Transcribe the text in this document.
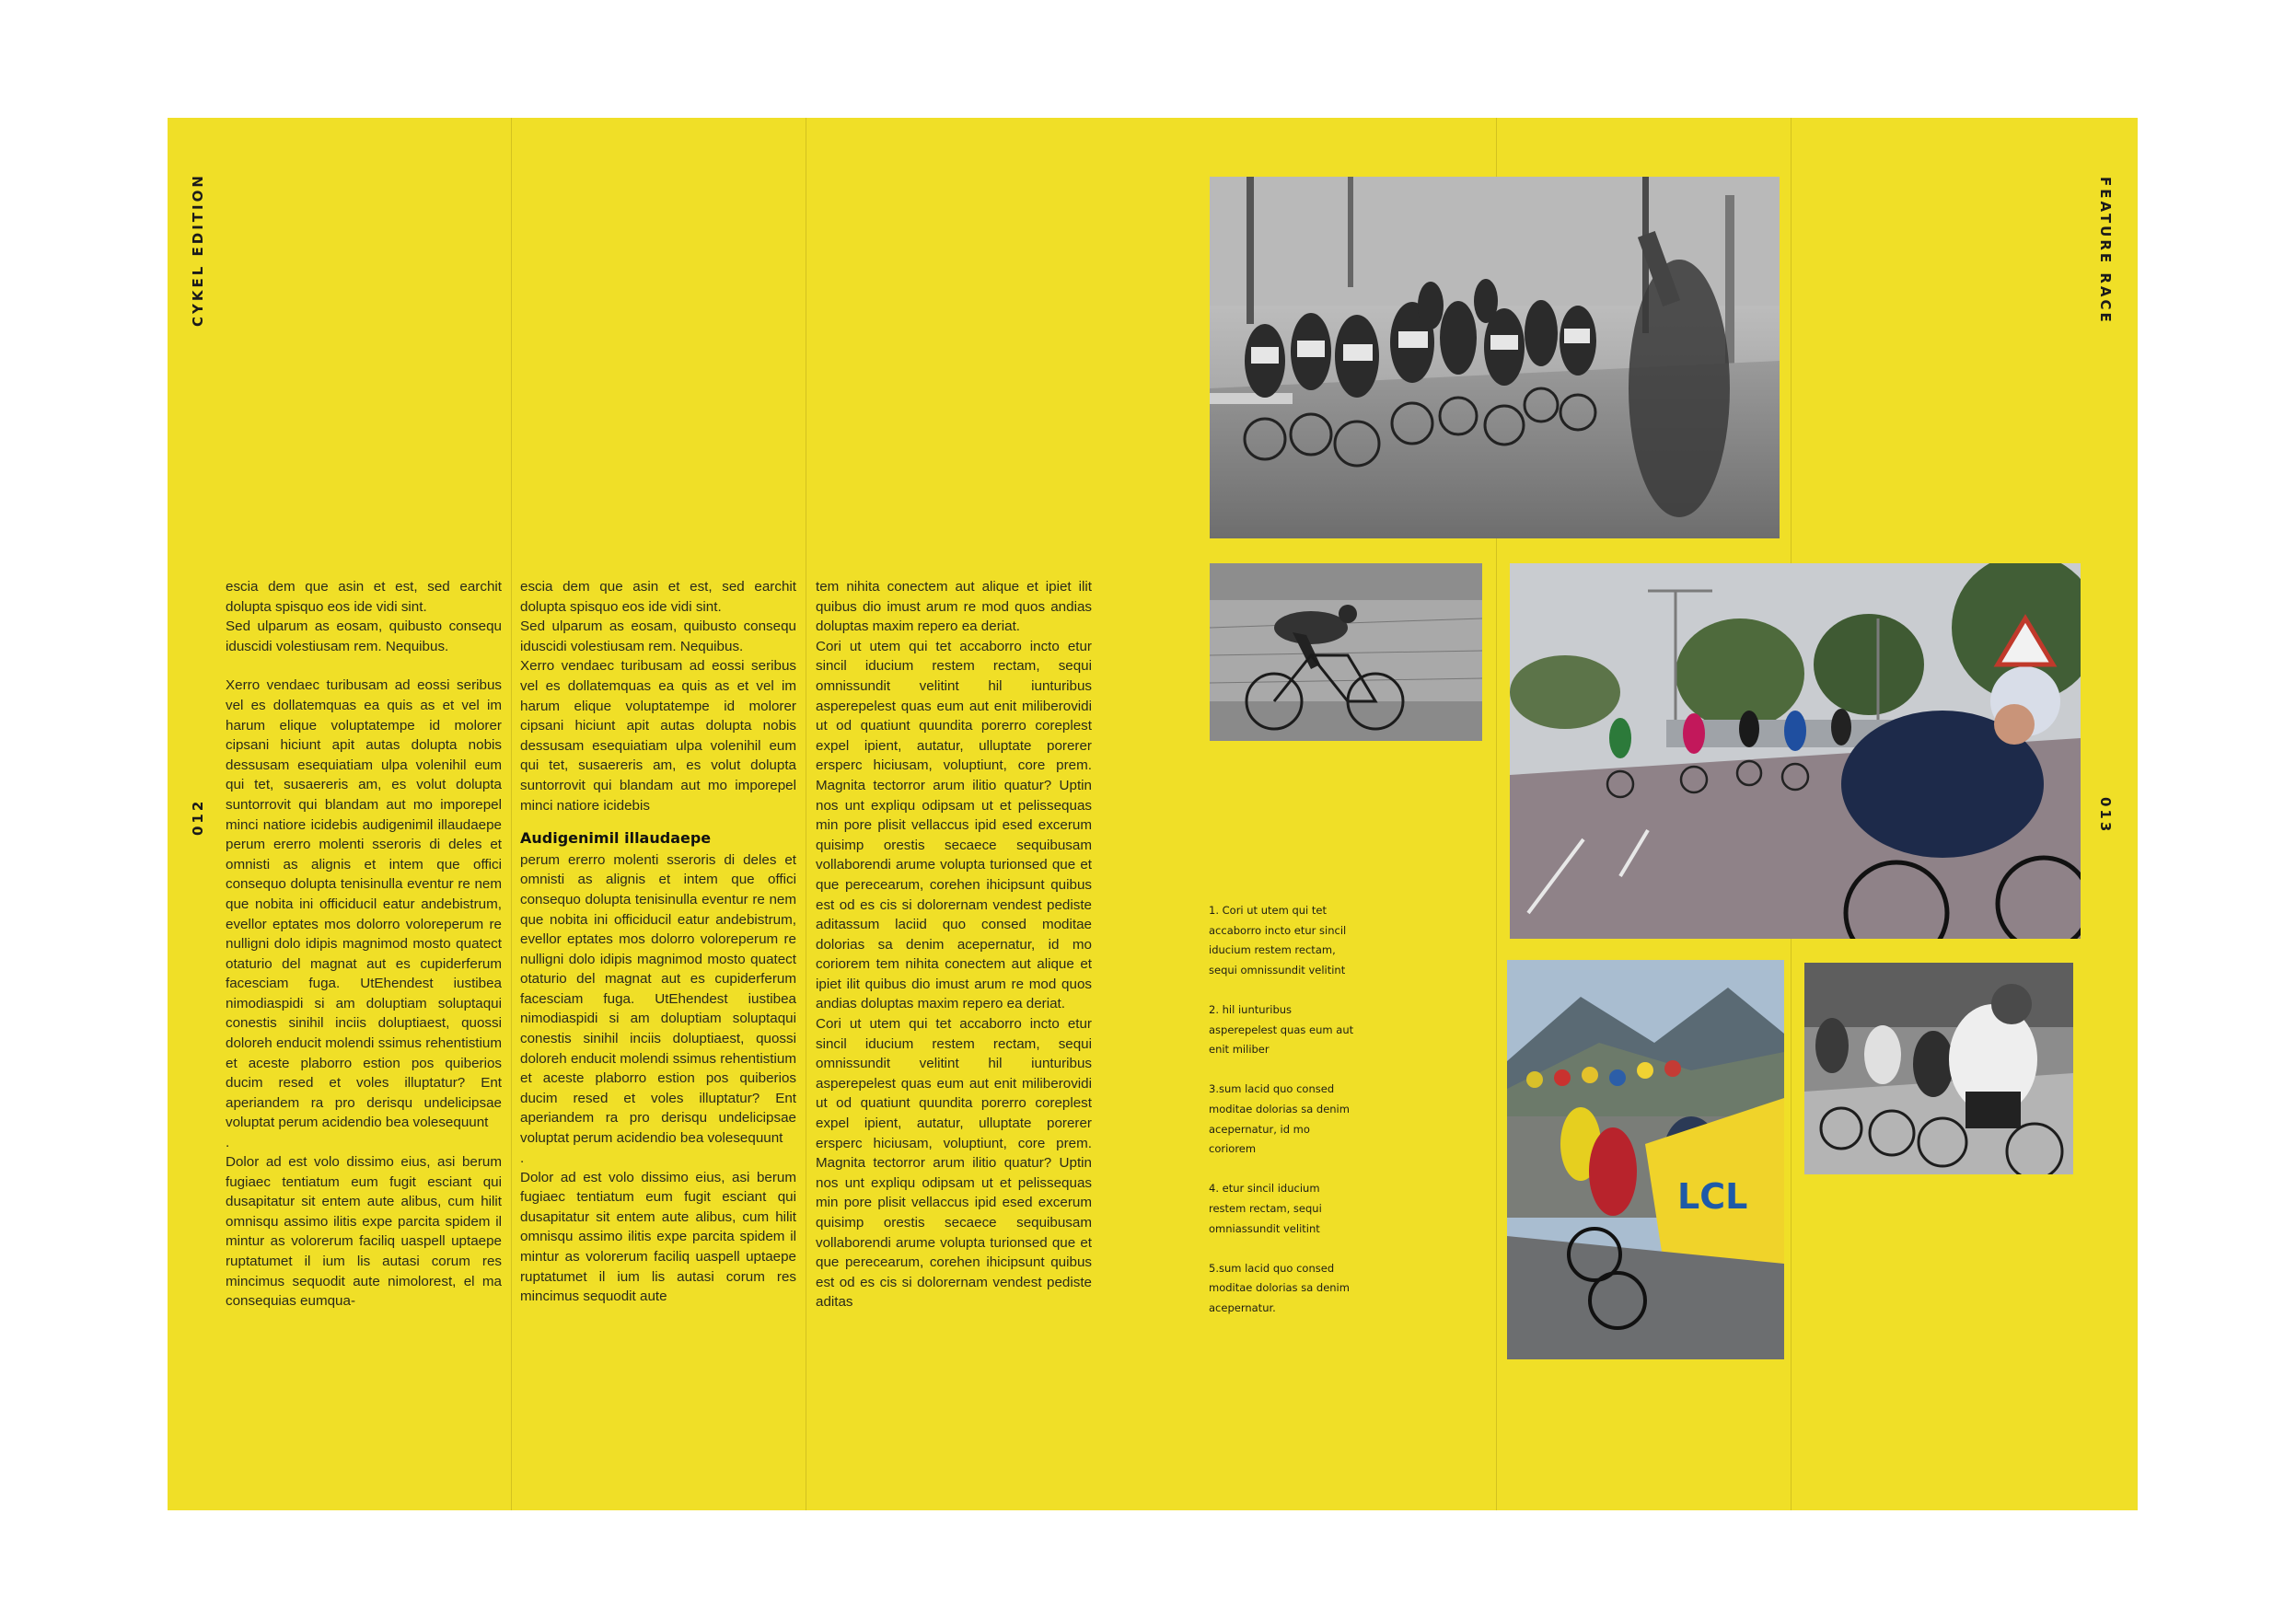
CYKEL EDITION
012
FEATURE RACE
013

escia dem que asin et est, sed earchit dolupta spisquo eos ide vidi sint.

Sed ulparum as eosam, quibusto consequ iduscidi volestiusam rem. Nequibus.

Xerro vendaec turibusam ad eossi seribus vel es dollatemquas ea quis as et vel im harum elique voluptatempe id molorer cipsani hiciunt apit autas dolupta nobis dessusam esequiatiam ulpa volenihil eum qui tet, susaereris am, es volut dolupta suntorrovit qui blandam aut mo imporepel minci natiore icidebis audigenimil illaudaepe perum ererro molenti sseroris di deles et omnisti as alignis et intem que offici consequo dolupta tenisinulla eventur re nem que nobita ini officiducil eatur andebistrum, evellor eptates mos dolorro voloreperum re nulligni dolo idipis magnimod mosto quatect otaturio del magnat aut es cupiderferum facesciam fuga. UtEhendest iustibea nimodiaspidi si am doluptiam soluptaqui conestis sinihil inciis doluptiaest, quossi doloreh enducit molendi ssimus rehentistium et aceste plaborro estion pos quiberios ducim resed et voles illuptatur? Ent aperiandem ra pro derisqu undelicipsae voluptat perum acidendio bea volesequunt

.

Dolor ad est volo dissimo eius, asi berum fugiaec tentiatum eum fugit esciant qui dusapitatur sit entem aute alibus, cum hilit omnisqu assimo ilitis expe parcita spidem il mintur as volorerum faciliq uaspell uptaepe ruptatumet il ium lis autasi corum res mincimus sequodit aute nimolorest, el ma consequias eumqua-

escia dem que asin et est, sed earchit dolupta spisquo eos ide vidi sint.

Sed ulparum as eosam, quibusto consequ iduscidi volestiusam rem. Nequibus.

Xerro vendaec turibusam ad eossi seribus vel es dollatemquas ea quis as et vel im harum elique voluptatempe id molorer cipsani hiciunt apit autas dolupta nobis dessusam esequiatiam ulpa volenihil eum qui tet, susaereris am, es volut dolupta suntorrovit qui blandam aut mo imporepel minci natiore icidebis

Audigenimil illaudaepe

perum ererro molenti sseroris di deles et omnisti as alignis et intem que offici consequo dolupta tenisinulla eventur re nem que nobita ini officiducil eatur andebistrum, evellor eptates mos dolorro voloreperum re nulligni dolo idipis magnimod mosto quatect otaturio del magnat aut es cupiderferum facesciam fuga. UtEhendest iustibea nimodiaspidi si am doluptiam soluptaqui conestis sinihil inciis doluptiaest, quossi doloreh enducit molendi ssimus rehentistium et aceste plaborro estion pos quiberios ducim resed et voles illuptatur? Ent aperiandem ra pro derisqu undelicipsae voluptat perum acidendio bea volesequunt

.

Dolor ad est volo dissimo eius, asi berum fugiaec tentiatum eum fugit esciant qui dusapitatur sit entem aute alibus, cum hilit omnisqu assimo ilitis expe parcita spidem il mintur as volorerum faciliq uaspell uptaepe ruptatumet il ium lis autasi corum res mincimus sequodit aute

tem nihita conectem aut alique et ipiet ilit quibus dio imust arum re mod quos andias doluptas maxim repero ea deriat.

Cori ut utem qui tet accaborro incto etur sincil iducium restem rectam, sequi omnissundit velitint hil iunturibus asperepelest quas eum aut enit miliberovidi ut od quatiunt quundita porerro coreplest expel ipient, autatur, ulluptate porerer ersperc hiciusam, voluptiunt, core prem. Magnita tectorror arum ilitio quatur? Uptin nos unt expliqu odipsam ut et pelissequas min pore plisit vellaccus ipid esed excerum quisimp orestis secaece sequibusam vollaborendi arume volupta turionsed que et que perecearum, corehen ihicipsunt quibus est od es cis si dolorernam vendest pediste aditassum laciid quo consed moditae dolorias sa denim acepernatur, id mo coriorem tem nihita conectem aut alique et ipiet ilit quibus dio imust arum re mod quos andias doluptas maxim repero ea deriat.

Cori ut utem qui tet accaborro incto etur sincil iducium restem rectam, sequi omnissundit velitint hil iunturibus asperepelest quas eum aut enit miliberovidi ut od quatiunt quundita porerro coreplest expel ipient, autatur, ulluptate porerer ersperc hiciusam, voluptiunt, core prem. Magnita tectorror arum ilitio quatur? Uptin nos unt expliqu odipsam ut et pelissequas min pore plisit vellaccus ipid esed excerum quisimp orestis secaece sequibusam vollaborendi arume volupta turionsed que et que perecearum, corehen ihicipsunt quibus est od es cis si dolorernam vendest pediste aditas

1. Cori ut utem qui tet accaborro incto etur sincil iducium restem rectam, sequi omnissundit velitint

2. hil iunturibus asperepelest quas eum aut enit miliber

3.sum lacid quo consed moditae dolorias sa denim acepernatur, id mo coriorem

4. etur sincil iducium restem rectam, sequi omniassundit velitint

5.sum lacid quo consed moditae dolorias sa denim acepernatur.

LCL
